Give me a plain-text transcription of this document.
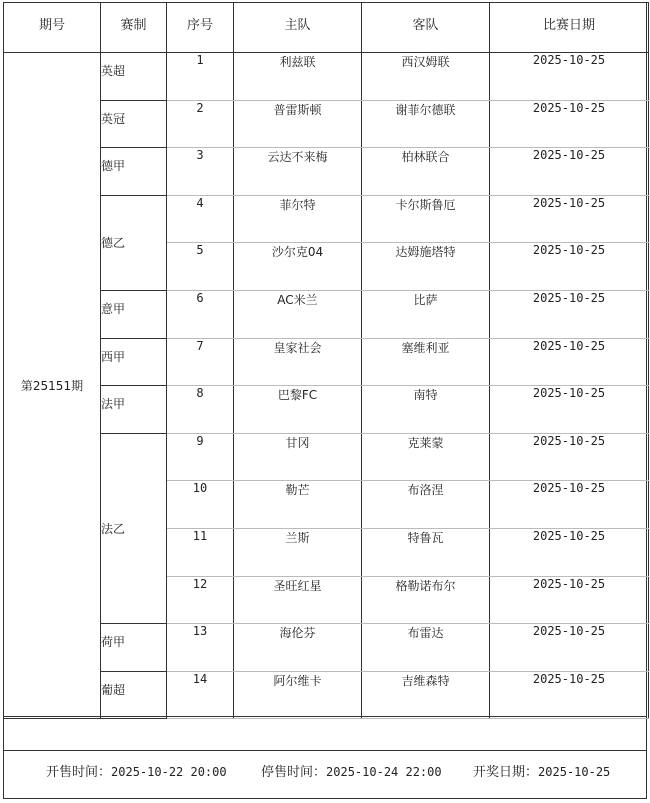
期号	赛制	序号	主队	客队	比赛日期
第25151期	英超	1	利兹联	西汉姆联	2025-10-25
	英冠	2	普雷斯顿	谢菲尔德联	2025-10-25
	德甲	3	云达不来梅	柏林联合	2025-10-25
	德乙	4	菲尔特	卡尔斯鲁厄	2025-10-25
		5	沙尔克04	达姆施塔特	2025-10-25
	意甲	6	AC米兰	比萨	2025-10-25
	西甲	7	皇家社会	塞维利亚	2025-10-25
	法甲	8	巴黎FC	南特	2025-10-25
	法乙	9	甘冈	克莱蒙	2025-10-25
		10	勒芒	布洛涅	2025-10-25
		11	兰斯	特鲁瓦	2025-10-25
		12	圣旺红星	格勒诺布尔	2025-10-25
	荷甲	13	海伦芬	布雷达	2025-10-25
	葡超	14	阿尔维卡	吉维森特	2025-10-25
开售时间：2025-10-22 20:00	停售时间：2025-10-24 22:00 开奖日期：2025-10-25
